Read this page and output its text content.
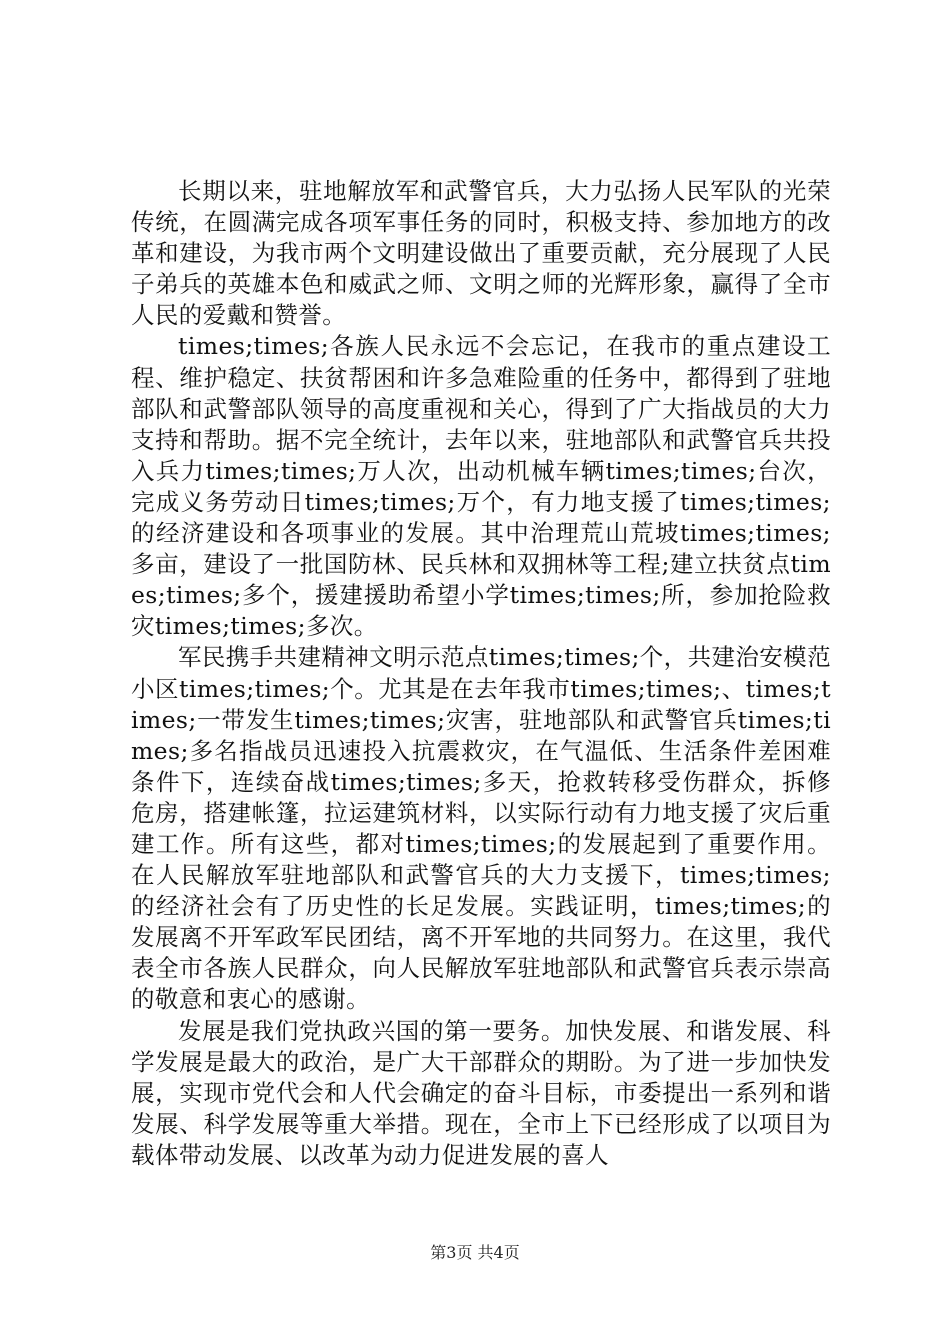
长期以来，驻地解放军和武警官兵，大力弘扬人民军队的光荣传统，在圆满完成各项军事任务的同时，积极支持、参加地方的改革和建设，为我市两个文明建设做出了重要贡献，充分展现了人民子弟兵的英雄本色和威武之师、文明之师的光辉形象，赢得了全市人民的爱戴和赞誉。

times;times;各族人民永远不会忘记，在我市的重点建设工程、维护稳定、扶贫帮困和许多急难险重的任务中，都得到了驻地部队和武警部队领导的高度重视和关心，得到了广大指战员的大力支持和帮助。据不完全统计，去年以来，驻地部队和武警官兵共投入兵力times;times;万人次，出动机械车辆times;times;台次，完成义务劳动日times;times;万个，有力地支援了times;times;的经济建设和各项事业的发展。其中治理荒山荒坡times;times;多亩，建设了一批国防林、民兵林和双拥林等工程;建立扶贫点times;times;多个，援建援助希望小学times;times;所，参加抢险救灾times;times;多次。

军民携手共建精神文明示范点times;times;个，共建治安模范小区times;times;个。尤其是在去年我市times;times;、times;times;一带发生times;times;灾害，驻地部队和武警官兵times;times;多名指战员迅速投入抗震救灾，在气温低、生活条件差困难条件下，连续奋战times;times;多天，抢救转移受伤群众，拆修危房，搭建帐篷，拉运建筑材料，以实际行动有力地支援了灾后重建工作。所有这些，都对times;times;的发展起到了重要作用。在人民解放军驻地部队和武警官兵的大力支援下，times;times;的经济社会有了历史性的长足发展。实践证明，times;times;的发展离不开军政军民团结，离不开军地的共同努力。在这里，我代表全市各族人民群众，向人民解放军驻地部队和武警官兵表示崇高的敬意和衷心的感谢。

发展是我们党执政兴国的第一要务。加快发展、和谐发展、科学发展是最大的政治，是广大干部群众的期盼。为了进一步加快发展，实现市党代会和人代会确定的奋斗目标，市委提出一系列和谐发展、科学发展等重大举措。现在，全市上下已经形成了以项目为载体带动发展、以改革为动力促进发展的喜人

第3页 共4页
